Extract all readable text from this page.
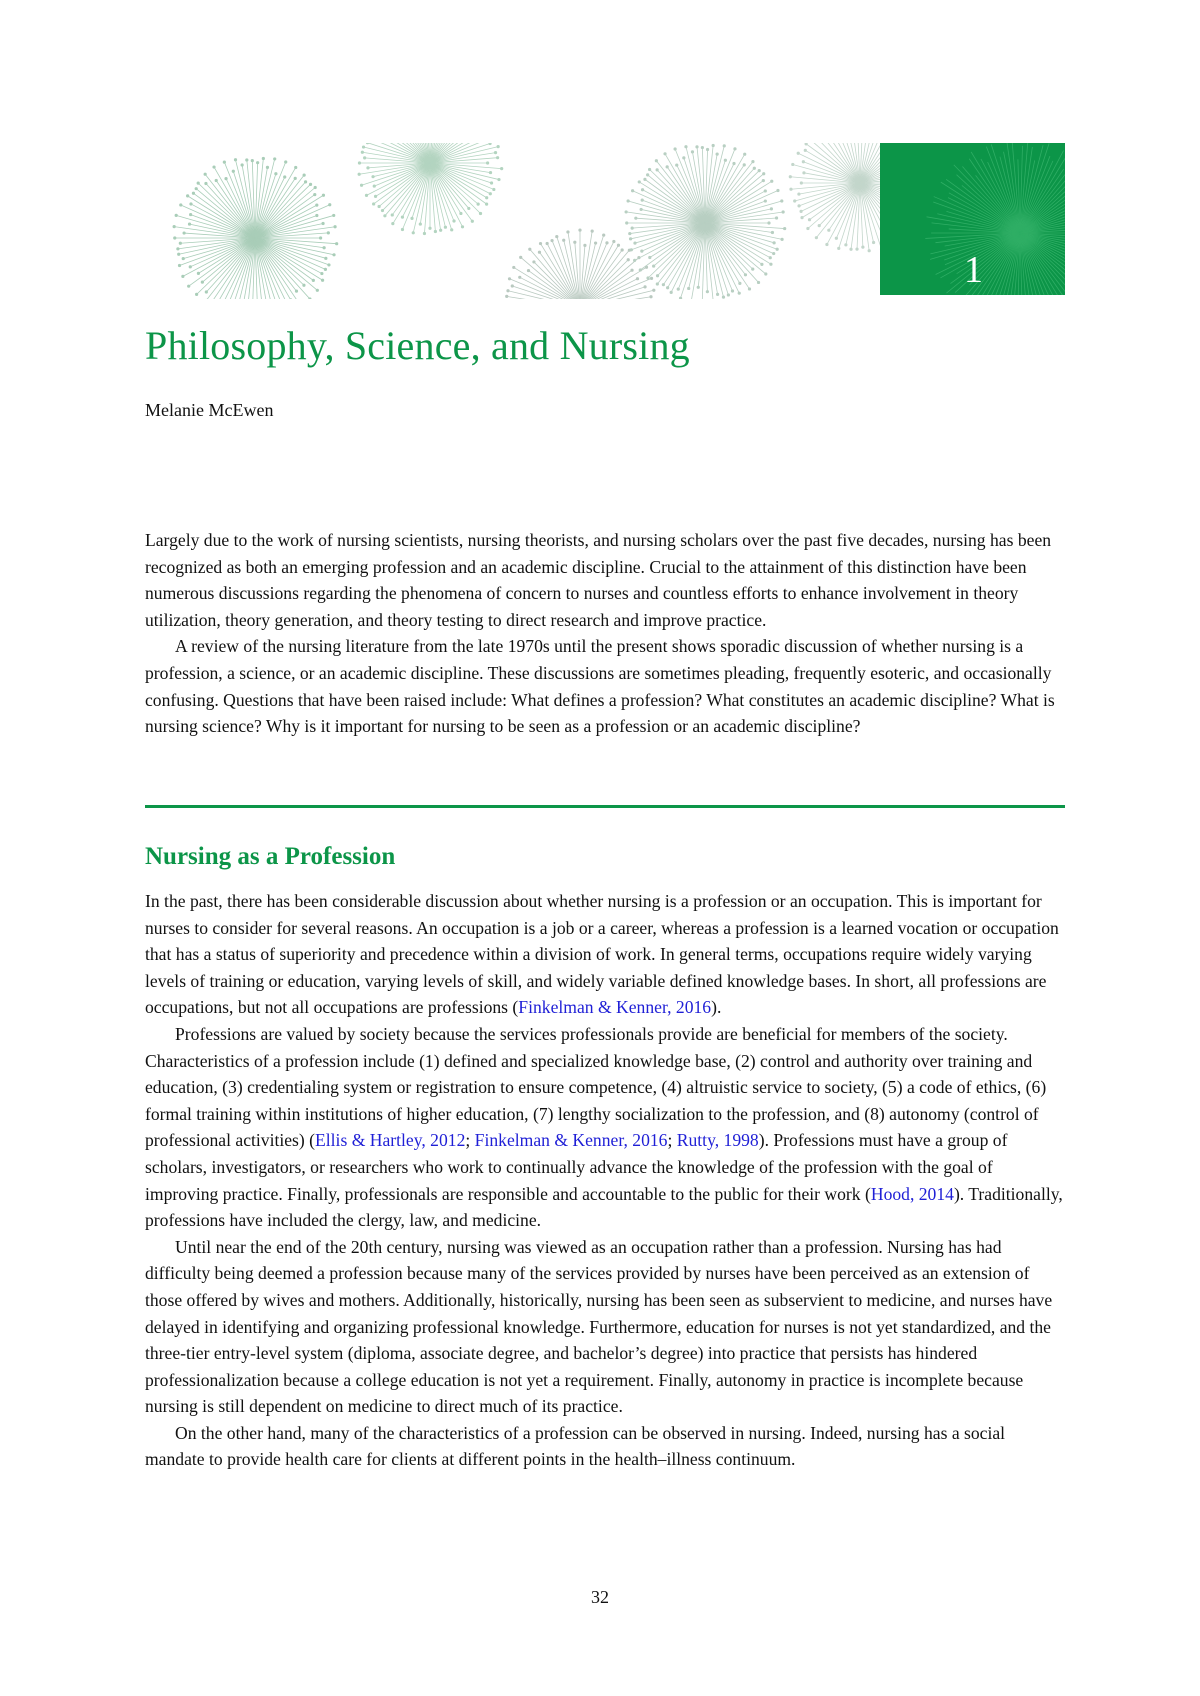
1
Philosophy, Science, and Nursing
Melanie McEwen

Largely due to the work of nursing scientists, nursing theorists, and nursing scholars over the past five decades, nursing has been recognized as both an emerging profession and an academic discipline. Crucial to the attainment of this distinction have been numerous discussions regarding the phenomena of concern to nurses and countless efforts to enhance involvement in theory utilization, theory generation, and theory testing to direct research and improve practice.

A review of the nursing literature from the late 1970s until the present shows sporadic discussion of whether nursing is a profession, a science, or an academic discipline. These discussions are sometimes pleading, frequently esoteric, and occasionally confusing. Questions that have been raised include: What defines a profession? What constitutes an academic discipline? What is nursing science? Why is it important for nursing to be seen as a profession or an academic discipline?

Nursing as a Profession

In the past, there has been considerable discussion about whether nursing is a profession or an occupation. This is important for nurses to consider for several reasons. An occupation is a job or a career, whereas a profession is a learned vocation or occupation that has a status of superiority and precedence within a division of work. In general terms, occupations require widely varying levels of training or education, varying levels of skill, and widely variable defined knowledge bases. In short, all professions are occupations, but not all occupations are professions (Finkelman & Kenner, 2016).

Professions are valued by society because the services professionals provide are beneficial for members of the society. Characteristics of a profession include (1) defined and specialized knowledge base, (2) control and authority over training and education, (3) credentialing system or registration to ensure competence, (4) altruistic service to society, (5) a code of ethics, (6) formal training within institutions of higher education, (7) lengthy socialization to the profession, and (8) autonomy (control of professional activities) (Ellis & Hartley, 2012; Finkelman & Kenner, 2016; Rutty, 1998). Professions must have a group of scholars, investigators, or researchers who work to continually advance the knowledge of the profession with the goal of improving practice. Finally, professionals are responsible and accountable to the public for their work (Hood, 2014). Traditionally, professions have included the clergy, law, and medicine.

Until near the end of the 20th century, nursing was viewed as an occupation rather than a profession. Nursing has had difficulty being deemed a profession because many of the services provided by nurses have been perceived as an extension of those offered by wives and mothers. Additionally, historically, nursing has been seen as subservient to medicine, and nurses have delayed in identifying and organizing professional knowledge. Furthermore, education for nurses is not yet standardized, and the three-tier entry-level system (diploma, associate degree, and bachelor’s degree) into practice that persists has hindered professionalization because a college education is not yet a requirement. Finally, autonomy in practice is incomplete because nursing is still dependent on medicine to direct much of its practice.

On the other hand, many of the characteristics of a profession can be observed in nursing. Indeed, nursing has a social mandate to provide health care for clients at different points in the health–illness continuum.

32
